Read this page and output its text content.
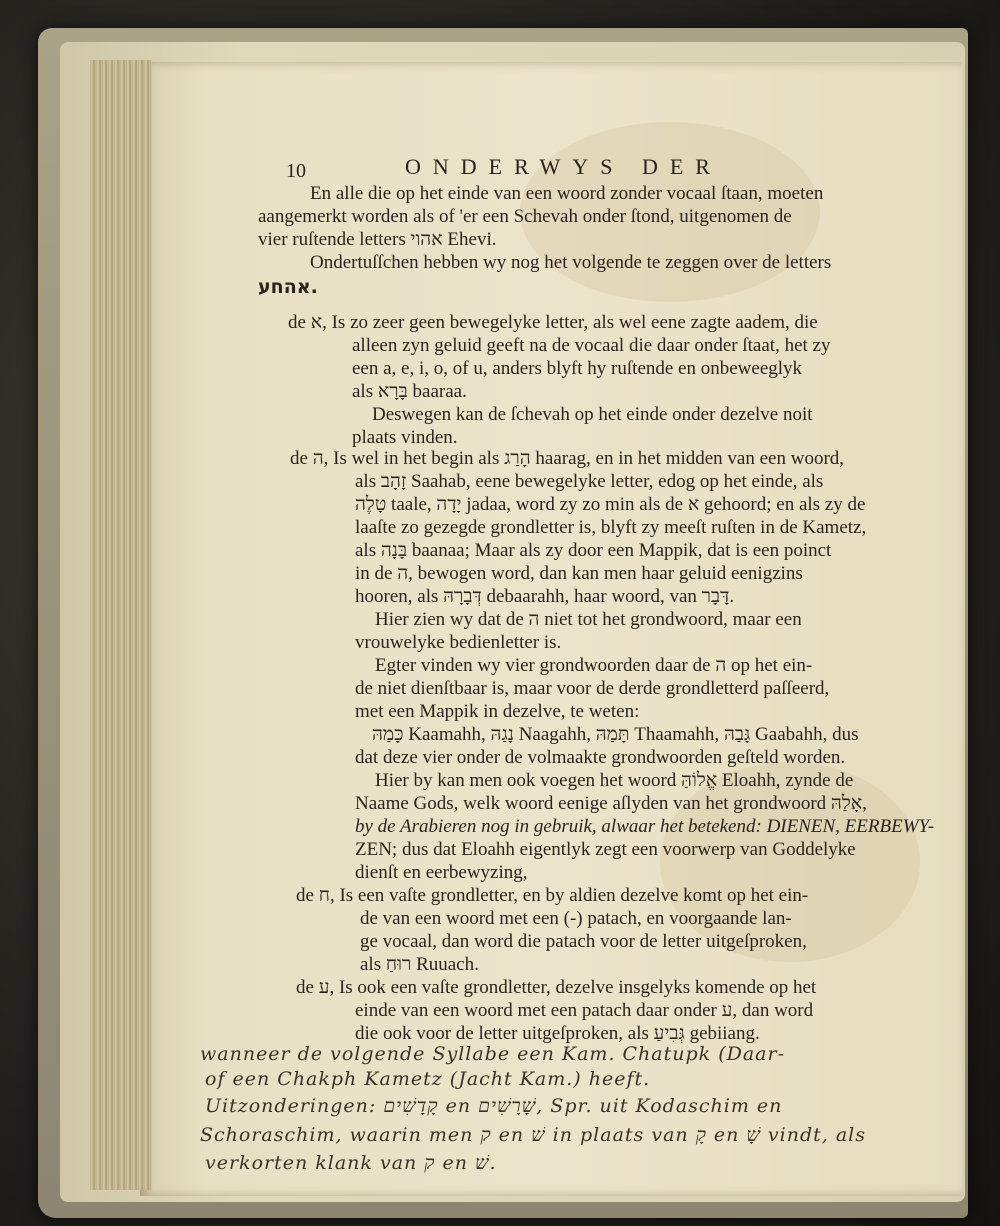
10	ONDERWYS DER
En alle die op het einde van een woord zonder vocaal ſtaan, moeten
aangemerkt worden als of 'er een Schevah onder ſtond, uitgenomen de
vier ruſtende letters אהוי Ehevi.
Ondertuſſchen hebben wy nog het volgende te zeggen over de letters
אהחע.
de א, Is zo zeer geen bewegelyke letter, als wel eene zagte aadem, die
alleen zyn geluid geeft na de vocaal die daar onder ſtaat, het zy
een a, e, i, o, of u, anders blyft hy ruſtende en onbeweeglyk
als בָּרָא baaraa.
Deswegen kan de ſchevah op het einde onder dezelve noit
plaats vinden.
de ה, Is wel in het begin als הָרַג haarag, en in het midden van een woord,
als זָהָב Saahab, eene bewegelyke letter, edog op het einde, als
טָלֶה taale, יָדָה jadaa, word zy zo min als de א gehoord; en als zy de
laaſte zo gezegde grondletter is, blyft zy meeſt ruſten in de Kametz,
als בָּנָה baanaa; Maar als zy door een Mappik, dat is een poinct
in de ה, bewogen word, dan kan men haar geluid eenigzins
hooren, als דְּבָרָהּ debaarahh, haar woord, van דָּבָר.
Hier zien wy dat de ה niet tot het grondwoord, maar een
vrouwelyke bedienletter is.
Egter vinden wy vier grondwoorden daar de ה op het ein-
de niet dienſtbaar is, maar voor de derde grondletterd paſſeerd,
met een Mappik in dezelve, te weten:
כָּמַהּ Kaamahh, נָגַהּ Naagahh, תָּמַהּ Thaamahh, גָּבַהּ Gaabahh, dus
dat deze vier onder de volmaakte grondwoorden geſteld worden.
Hier by kan men ook voegen het woord אֱלוֹהַּ Eloahh, zynde de
Naame Gods, welk woord eenige aſlyden van het grondwoord אָלַהּ,
by de Arabieren nog in gebruik, alwaar het betekend: DIENEN, EERBEWY-
ZEN; dus dat Eloahh eigentlyk zegt een voorwerp van Goddelyke
dienſt en eerbewyzing,
de ח, Is een vaſte grondletter, en by aldien dezelve komt op het ein-
de van een woord met een (-) patach, en voorgaande lan-
ge vocaal, dan word die patach voor de letter uitgeſproken,
als רוּחַ Ruuach.
de ע, Is ook een vaſte grondletter, dezelve insgelyks komende op het
einde van een woord met een patach daar onder ע, dan word
die ook voor de letter uitgeſproken, als גְּבִיעַ gebiiang.
wanneer de volgende Syllabe een Kam. Chatupk (Daar-
of een Chakph Kametz (Jacht Kam.) heeft.
Uitzonderingen: קָדָשִׁים en שָׁרָשִׁים, Spr. uit Kodaschim en
Schoraschim, waarin men ק en שׁ in plaats van קָ en שָׁ vindt, als
verkorten klank van ק en שׁ.
